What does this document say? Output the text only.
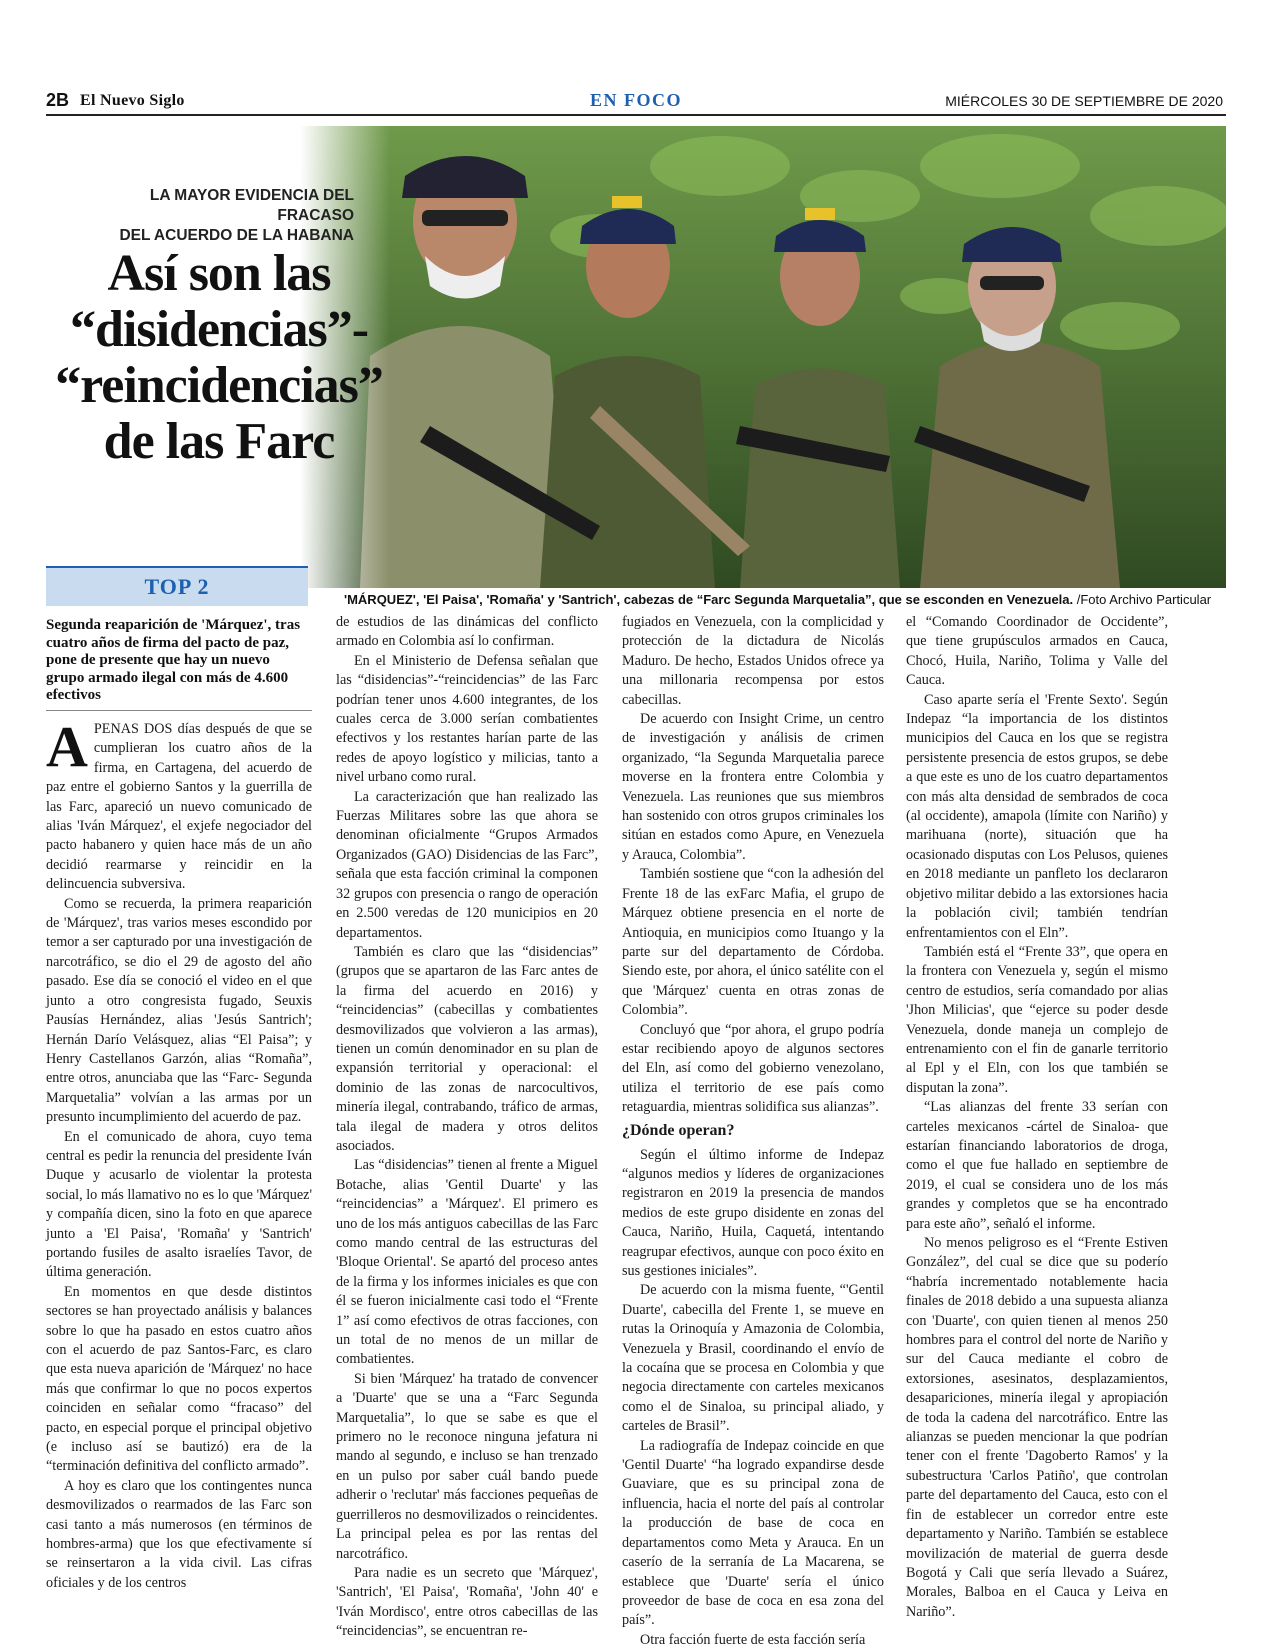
2B El Nuevo Siglo	EN FOCO	MIÉRCOLES 30 DE SEPTIEMBRE DE 2020
'MÁRQUEZ', 'El Paisa', 'Romaña' y 'Santrich', cabezas de “Farc Segunda Marquetalia”, que se esconden en Venezuela. /Foto Archivo Particular
LA MAYOR EVIDENCIA DEL FRACASO
DEL ACUERDO DE LA HABANA
Así son las
“disidencias”-
“reincidencias”
de las Farc
TOP 2
Segunda reaparición de 'Márquez', tras cuatro años de firma del pacto de paz, pone de presente que hay un nuevo grupo armado ilegal con más de 4.600 efectivos

APENAS DOS días después de que se cumplieran los cuatro años de la firma, en Cartagena, del acuerdo de paz entre el gobierno Santos y la guerrilla de las Farc, apareció un nuevo comunicado de alias 'Iván Márquez', el exjefe negociador del pacto habanero y quien hace más de un año decidió rearmarse y reincidir en la delincuencia subversiva.

Como se recuerda, la primera reaparición de 'Márquez', tras varios meses escondido por temor a ser capturado por una investigación de narcotráfico, se dio el 29 de agosto del año pasado. Ese día se conoció el video en el que junto a otro congresista fugado, Seuxis Pausías Hernández, alias 'Jesús Santrich'; Hernán Darío Velásquez, alias “El Paisa”; y Henry Castellanos Garzón, alias “Romaña”, entre otros, anunciaba que las “Farc- Segunda Marquetalia” volvían a las armas por un presunto incumplimiento del acuerdo de paz.

En el comunicado de ahora, cuyo tema central es pedir la renuncia del presidente Iván Duque y acusarlo de violentar la protesta social, lo más llamativo no es lo que 'Márquez' y compañía dicen, sino la foto en que aparece junto a 'El Paisa', 'Romaña' y 'Santrich' portando fusiles de asalto israelíes Tavor, de última generación.

En momentos en que desde distintos sectores se han proyectado análisis y balances sobre lo que ha pasado en estos cuatro años con el acuerdo de paz Santos-Farc, es claro que esta nueva aparición de 'Márquez' no hace más que confirmar lo que no pocos expertos coinciden en señalar como “fracaso” del pacto, en especial porque el principal objetivo (e incluso así se bautizó) era de la “terminación definitiva del conflicto armado”.

A hoy es claro que los contingentes nunca desmovilizados o rearmados de las Farc son casi tanto a más numerosos (en términos de hombres-arma) que los que efectivamente sí se reinsertaron a la vida civil. Las cifras oficiales y de los centros

de estudios de las dinámicas del conflicto armado en Colombia así lo confirman.

En el Ministerio de Defensa señalan que las “disidencias”-“reincidencias” de las Farc podrían tener unos 4.600 integrantes, de los cuales cerca de 3.000 serían combatientes efectivos y los restantes harían parte de las redes de apoyo logístico y milicias, tanto a nivel urbano como rural.

La caracterización que han realizado las Fuerzas Militares sobre las que ahora se denominan oficialmente “Grupos Armados Organizados (GAO) Disidencias de las Farc”, señala que esta facción criminal la componen 32 grupos con presencia o rango de operación en 2.500 veredas de 120 municipios en 20 departamentos.

También es claro que las “disidencias” (grupos que se apartaron de las Farc antes de la firma del acuerdo en 2016) y “reincidencias” (cabecillas y combatientes desmovilizados que volvieron a las armas), tienen un común denominador en su plan de expansión territorial y operacional: el dominio de las zonas de narcocultivos, minería ilegal, contrabando, tráfico de armas, tala ilegal de madera y otros delitos asociados.

Las “disidencias” tienen al frente a Miguel Botache, alias 'Gentil Duarte' y las “reincidencias” a 'Márquez'. El primero es uno de los más antiguos cabecillas de las Farc como mando central de las estructuras del 'Bloque Oriental'. Se apartó del proceso antes de la firma y los informes iniciales es que con él se fueron inicialmente casi todo el “Frente 1” así como efectivos de otras facciones, con un total de no menos de un millar de combatientes.

Si bien 'Márquez' ha tratado de convencer a 'Duarte' que se una a “Farc Segunda Marquetalia”, lo que se sabe es que el primero no le reconoce ninguna jefatura ni mando al segundo, e incluso se han trenzado en un pulso por saber cuál bando puede adherir o 'reclutar' más facciones pequeñas de guerrilleros no desmovilizados o reincidentes. La principal pelea es por las rentas del narcotráfico.

Para nadie es un secreto que 'Márquez', 'Santrich', 'El Paisa', 'Romaña', 'John 40' e 'Iván Mordisco', entre otros cabecillas de las “reincidencias”, se encuentran re-

fugiados en Venezuela, con la complicidad y protección de la dictadura de Nicolás Maduro. De hecho, Estados Unidos ofrece ya una millonaria recompensa por estos cabecillas.

De acuerdo con Insight Crime, un centro de investigación y análisis de crimen organizado, “la Segunda Marquetalia parece moverse en la frontera entre Colombia y Venezuela. Las reuniones que sus miembros han sostenido con otros grupos criminales los sitúan en estados como Apure, en Venezuela y Arauca, Colombia”.

También sostiene que “con la adhesión del Frente 18 de las exFarc Mafia, el grupo de Márquez obtiene presencia en el norte de Antioquia, en municipios como Ituango y la parte sur del departamento de Córdoba. Siendo este, por ahora, el único satélite con el que 'Márquez' cuenta en otras zonas de Colombia”.

Concluyó que “por ahora, el grupo podría estar recibiendo apoyo de algunos sectores del Eln, así como del gobierno venezolano, utiliza el territorio de ese país como retaguardia, mientras solidifica sus alianzas”.

¿Dónde operan?

Según el último informe de Indepaz “algunos medios y líderes de organizaciones registraron en 2019 la presencia de mandos medios de este grupo disidente en zonas del Cauca, Nariño, Huila, Caquetá, intentando reagrupar efectivos, aunque con poco éxito en sus gestiones iniciales”.

De acuerdo con la misma fuente, “'Gentil Duarte', cabecilla del Frente 1, se mueve en rutas la Orinoquía y Amazonia de Colombia, Venezuela y Brasil, coordinando el envío de la cocaína que se procesa en Colombia y que negocia directamente con carteles mexicanos como el de Sinaloa, su principal aliado, y carteles de Brasil”.

La radiografía de Indepaz coincide en que 'Gentil Duarte' “ha logrado expandirse desde Guaviare, que es su principal zona de influencia, hacia el norte del país al controlar la producción de base de coca en departamentos como Meta y Arauca. En un caserío de la serranía de La Macarena, se establece que 'Duarte' sería el único proveedor de base de coca en esa zona del país”.

Otra facción fuerte de esta facción sería

el “Comando Coordinador de Occidente”, que tiene grupúsculos armados en Cauca, Chocó, Huila, Nariño, Tolima y Valle del Cauca.

Caso aparte sería el 'Frente Sexto'. Según Indepaz “la importancia de los distintos municipios del Cauca en los que se registra persistente presencia de estos grupos, se debe a que este es uno de los cuatro departamentos con más alta densidad de sembrados de coca (al occidente), amapola (límite con Nariño) y marihuana (norte), situación que ha ocasionado disputas con Los Pelusos, quienes en 2018 mediante un panfleto los declararon objetivo militar debido a las extorsiones hacia la población civil; también tendrían enfrentamientos con el Eln”.

También está el “Frente 33”, que opera en la frontera con Venezuela y, según el mismo centro de estudios, sería comandado por alias 'Jhon Milicias', que “ejerce su poder desde Venezuela, donde maneja un complejo de entrenamiento con el fin de ganarle territorio al Epl y el Eln, con los que también se disputan la zona”.

“Las alianzas del frente 33 serían con carteles mexicanos -cártel de Sinaloa- que estarían financiando laboratorios de droga, como el que fue hallado en septiembre de 2019, el cual se considera uno de los más grandes y completos que se ha encontrado para este año”, señaló el informe.

No menos peligroso es el “Frente Estiven González”, del cual se dice que su poderío “habría incrementado notablemente hacia finales de 2018 debido a una supuesta alianza con 'Duarte', con quien tienen al menos 250 hombres para el control del norte de Nariño y sur del Cauca mediante el cobro de extorsiones, asesinatos, desplazamientos, desapariciones, minería ilegal y apropiación de toda la cadena del narcotráfico. Entre las alianzas se pueden mencionar la que podrían tener con el frente 'Dagoberto Ramos' y la subestructura 'Carlos Patiño', que controlan parte del departamento del Cauca, esto con el fin de establecer un corredor entre este departamento y Nariño. También se establece movilización de material de guerra desde Bogotá y Cali que sería llevado a Suárez, Morales, Balboa en el Cauca y Leiva en Nariño”.
